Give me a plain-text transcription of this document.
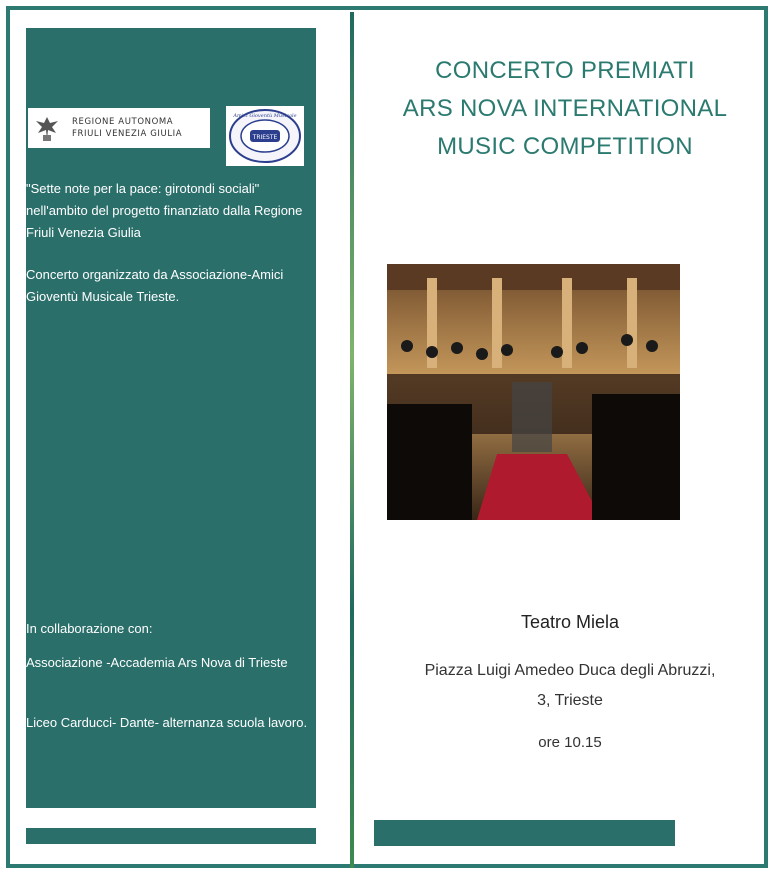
REGIONE AUTONOMA
FRIULI VENEZIA GIULIA	TRIESTE
Amici Gioventù Musicale
"Sette note per la pace: girotondi sociali" nell'ambito del progetto finanziato dalla Regione Friuli Venezia Giulia
Concerto organizzato da Associazione-Amici Gioventù Musicale Trieste.
In collaborazione con:
Associazione -Accademia Ars Nova di Trieste
Liceo Carducci- Dante- alternanza scuola lavoro.
CONCERTO PREMIATI
ARS NOVA INTERNATIONAL
MUSIC COMPETITION
Teatro Miela
Piazza Luigi Amedeo Duca degli Abruzzi,
3, Trieste
ore 10.15
